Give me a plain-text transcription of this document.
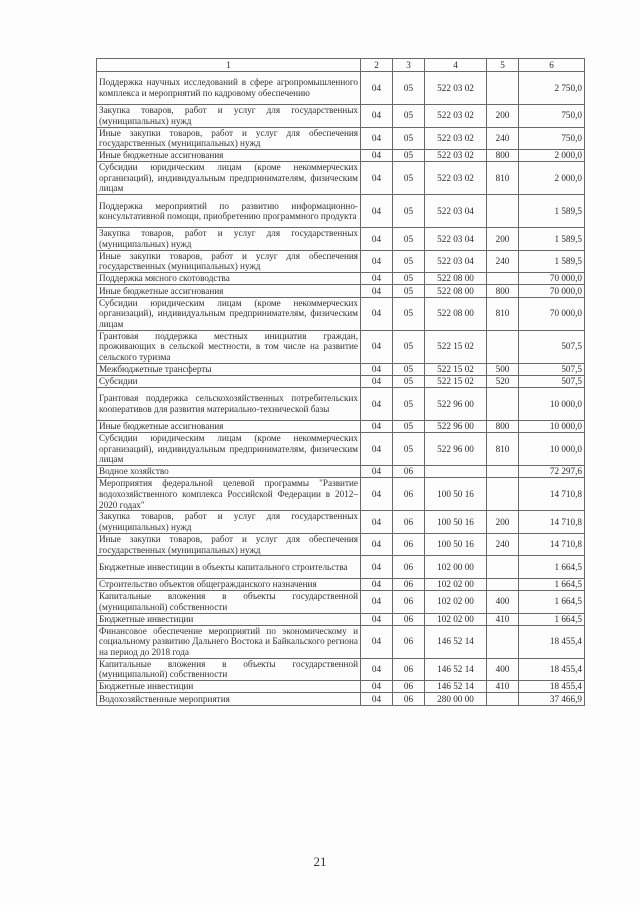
1	2	3	4	5	6
Поддержка научных исследований в сфере агропромышленного комплекса и мероприятий по кадровому обеспечению	04	05	522 03 02		2 750,0
Закупка товаров, работ и услуг для государственных (муниципальных) нужд	04	05	522 03 02	200	750,0
Иные закупки товаров, работ и услуг для обеспечения государственных (муниципальных) нужд	04	05	522 03 02	240	750,0
Иные бюджетные ассигнования	04	05	522 03 02	800	2 000,0
Субсидии юридическим лицам (кроме некоммерческих организаций), индивидуальным предпринимателям, физическим лицам	04	05	522 03 02	810	2 000,0
Поддержка мероприятий по развитию информационно-консультативной помощи, приобретению программного продукта	04	05	522 03 04		1 589,5
Закупка товаров, работ и услуг для государственных (муниципальных) нужд	04	05	522 03 04	200	1 589,5
Иные закупки товаров, работ и услуг для обеспечения государственных (муниципальных) нужд	04	05	522 03 04	240	1 589,5
Поддержка мясного скотоводства	04	05	522 08 00		70 000,0
Иные бюджетные ассигнования	04	05	522 08 00	800	70 000,0
Субсидии юридическим лицам (кроме некоммерческих организаций), индивидуальным предпринимателям, физическим лицам	04	05	522 08 00	810	70 000,0
Грантовая поддержка местных инициатив граждан, проживающих в сельской местности, в том числе на развитие сельского туризма	04	05	522 15 02		507,5
Межбюджетные трансферты	04	05	522 15 02	500	507,5
Субсидии	04	05	522 15 02	520	507,5
Грантовая поддержка сельскохозяйственных потребительских кооперативов для развития материально-технической базы	04	05	522 96 00		10 000,0
Иные бюджетные ассигнования	04	05	522 96 00	800	10 000,0
Субсидии юридическим лицам (кроме некоммерческих организаций), индивидуальным предпринимателям, физическим лицам	04	05	522 96 00	810	10 000,0
Водное хозяйство	04	06			72 297,6
Мероприятия федеральной целевой программы "Развитие водохозяйственного комплекса Российской Федерации в 2012–2020 годах"	04	06	100 50 16		14 710,8
Закупка товаров, работ и услуг для государственных (муниципальных) нужд	04	06	100 50 16	200	14 710,8
Иные закупки товаров, работ и услуг для обеспечения государственных (муниципальных) нужд	04	06	100 50 16	240	14 710,8
Бюджетные инвестиции в объекты капитального строительства	04	06	102 00 00		1 664,5
Строительство объектов общегражданского назначения	04	06	102 02 00		1 664,5
Капитальные вложения в объекты государственной (муниципальной) собственности	04	06	102 02 00	400	1 664,5
Бюджетные инвестиции	04	06	102 02 00	410	1 664,5
Финансовое обеспечение мероприятий по экономическому и социальному развитию Дальнего Востока и Байкальского региона на период до 2018 года	04	06	146 52 14		18 455,4
Капитальные вложения в объекты государственной (муниципальной) собственности	04	06	146 52 14	400	18 455,4
Бюджетные инвестиции	04	06	146 52 14	410	18 455,4
Водохозяйственные мероприятия	04	06	280 00 00		37 466,9
21
